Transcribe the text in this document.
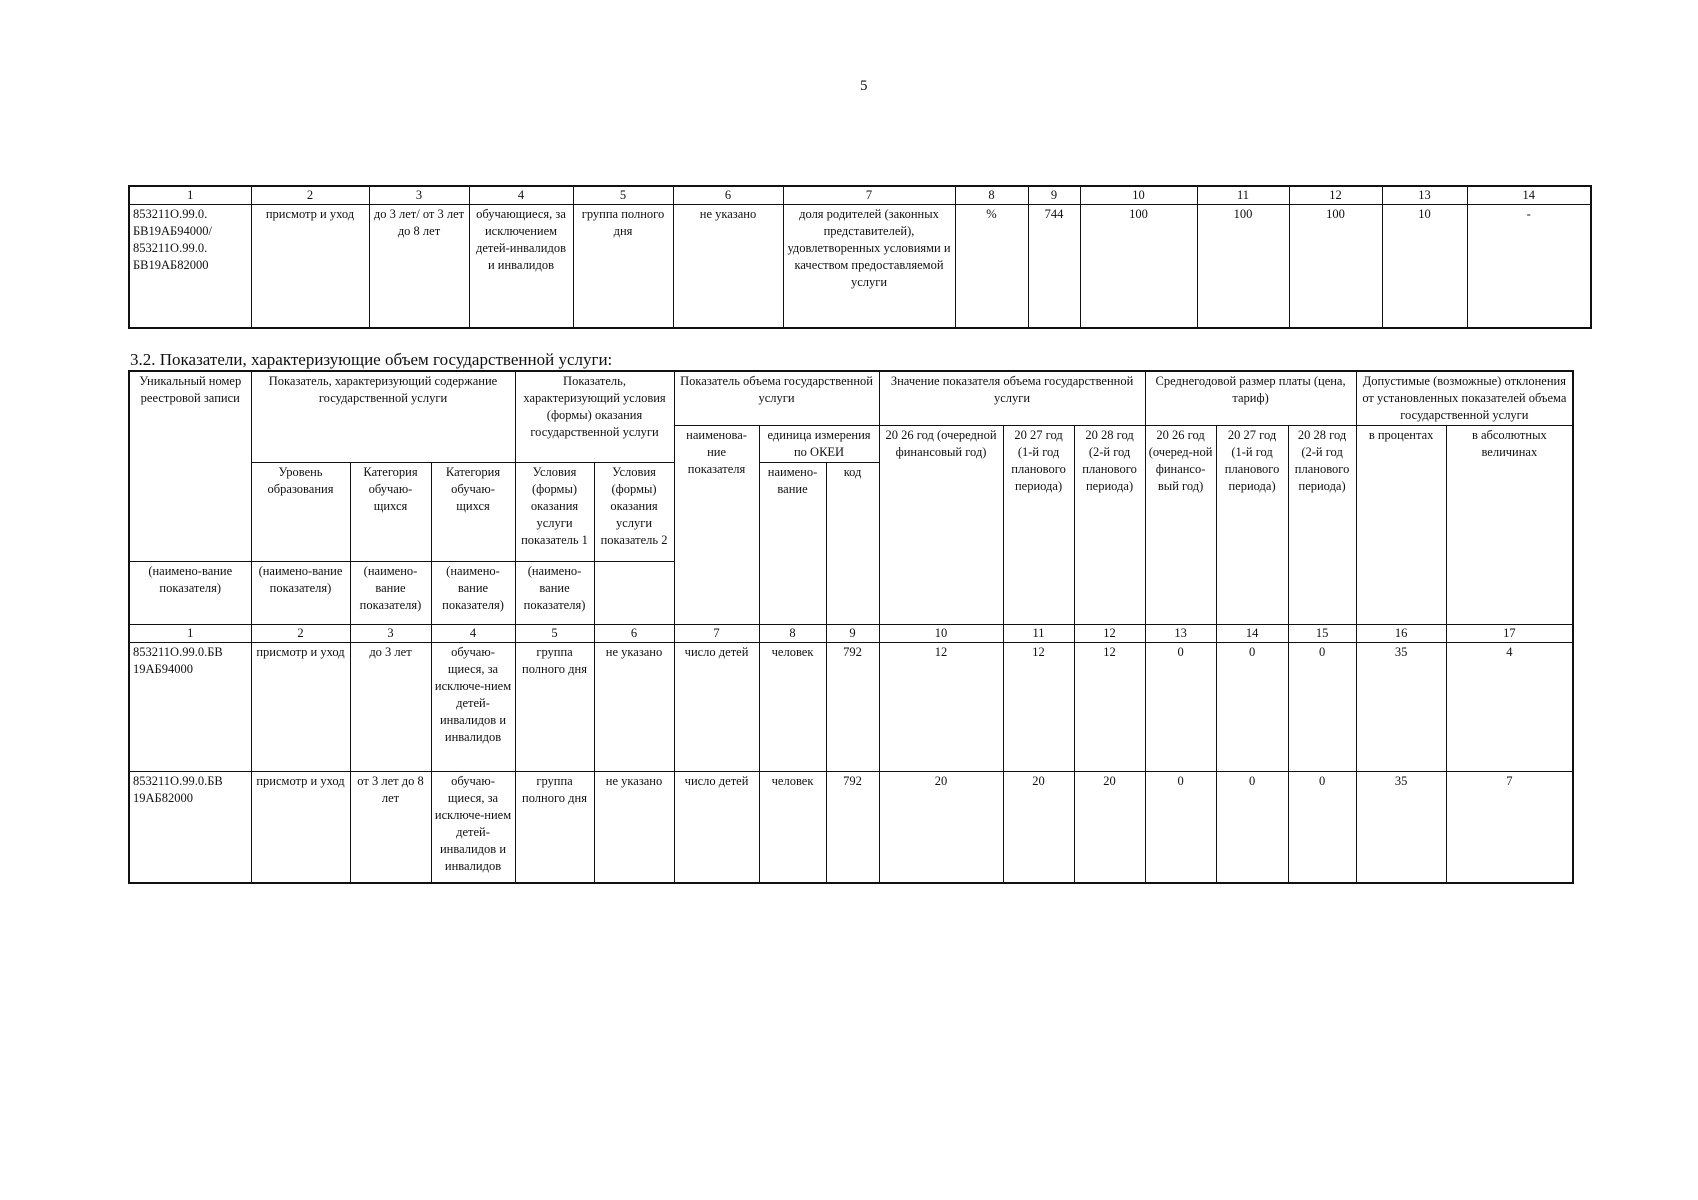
5
1	2	3	4	5	6	7	8	9	10	11	12	13	14
853211О.99.0. БВ19АБ94000/ 853211О.99.0. БВ19АБ82000	присмотр и уход	до 3 лет/ от 3 лет до 8 лет	обучающиеся, за исключением детей-инвалидов и инвалидов	группа полного дня	не указано	доля родителей (законных представителей), удовлетворенных условиями и качеством предоставляемой услуги	%	744	100	100	100	10	-
3.2. Показатели, характеризующие объем государственной услуги:
Уникальный номер реестровой записи	Показатель, характеризующий содержание государственной услуги			Показатель, характеризующий условия (формы) оказания государственной услуги		Показатель объема государственной услуги			Значение показателя объема государственной услуги			Среднегодовой размер платы (цена, тариф)			Допустимые (возможные) отклонения от установленных показателей объема государственной услуги	
						наименова-ние показателя	единица измерения по ОКЕИ		20 26 год (очередной финансовый год)	20 27 год (1-й год планового периода)	20 28 год (2-й год планового периода)	20 26 год (очеред-ной финансо-вый год)	20 27 год (1-й год планового периода)	20 28 год (2-й год планового периода)	в процентах	в абсолютных величинах
	Уровень образования	Категория обучаю-щихся	Категория обучаю-щихся	Условия (формы) оказания услуги показатель 1	Условия (формы) оказания услуги показатель 2		наимено-вание	код								
(наимено-вание показателя)	(наимено-вание показателя)	(наимено-вание показателя)	(наимено-вание показателя)	(наимено-вание показателя)												
1	2	3	4	5	6	7	8	9	10	11	12	13	14	15	16	17
853211О.99.0.БВ 19АБ94000	присмотр и уход	до 3 лет	обучаю-щиеся, за исключе-нием детей-инвалидов и инвалидов	группа полного дня	не указано	число детей	человек	792	12	12	12	0	0	0	35	4
853211О.99.0.БВ 19АБ82000	присмотр и уход	от 3 лет до 8 лет	обучаю-щиеся, за исключе-нием детей-инвалидов и инвалидов	группа полного дня	не указано	число детей	человек	792	20	20	20	0	0	0	35	7
